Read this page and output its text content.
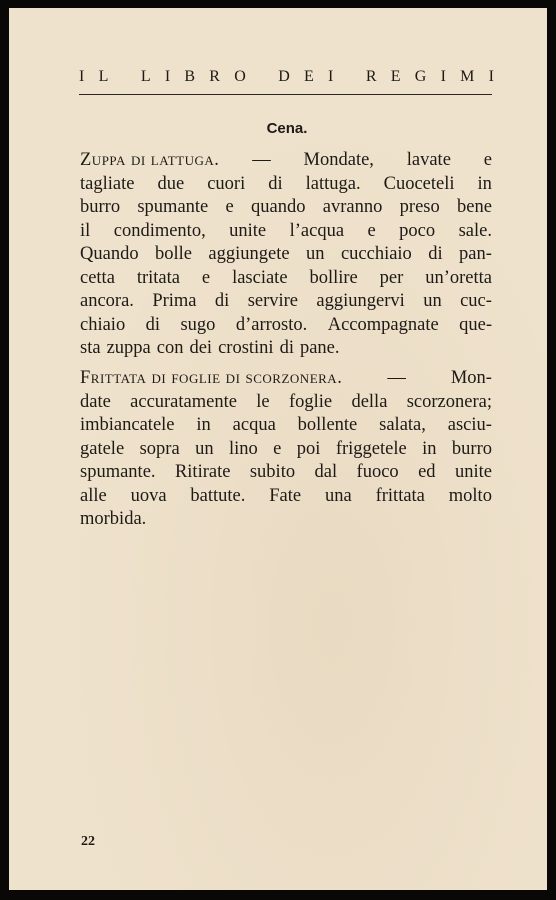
I L
L I B R O
D E I
R E G I M I
Cena.
Zuppa di lattuga. — Mondate, lavate e
tagliate due cuori di lattuga. Cuoceteli in
burro spumante e quando avranno preso bene
il condimento, unite l’acqua e poco sale.
Quando bolle aggiungete un cucchiaio di pan-
cetta tritata e lasciate bollire per un’oretta
ancora. Prima di servire aggiungervi un cuc-
chiaio di sugo d’arrosto. Accompagnate que-
sta zuppa con dei crostini di pane.
Frittata di foglie di scorzonera. — Mon-
date accuratamente le foglie della scorzonera;
imbiancatele in acqua bollente salata, asciu-
gatele sopra un lino e poi friggetele in burro
spumante. Ritirate subito dal fuoco ed unite
alle uova battute. Fate una frittata molto
morbida.
22
